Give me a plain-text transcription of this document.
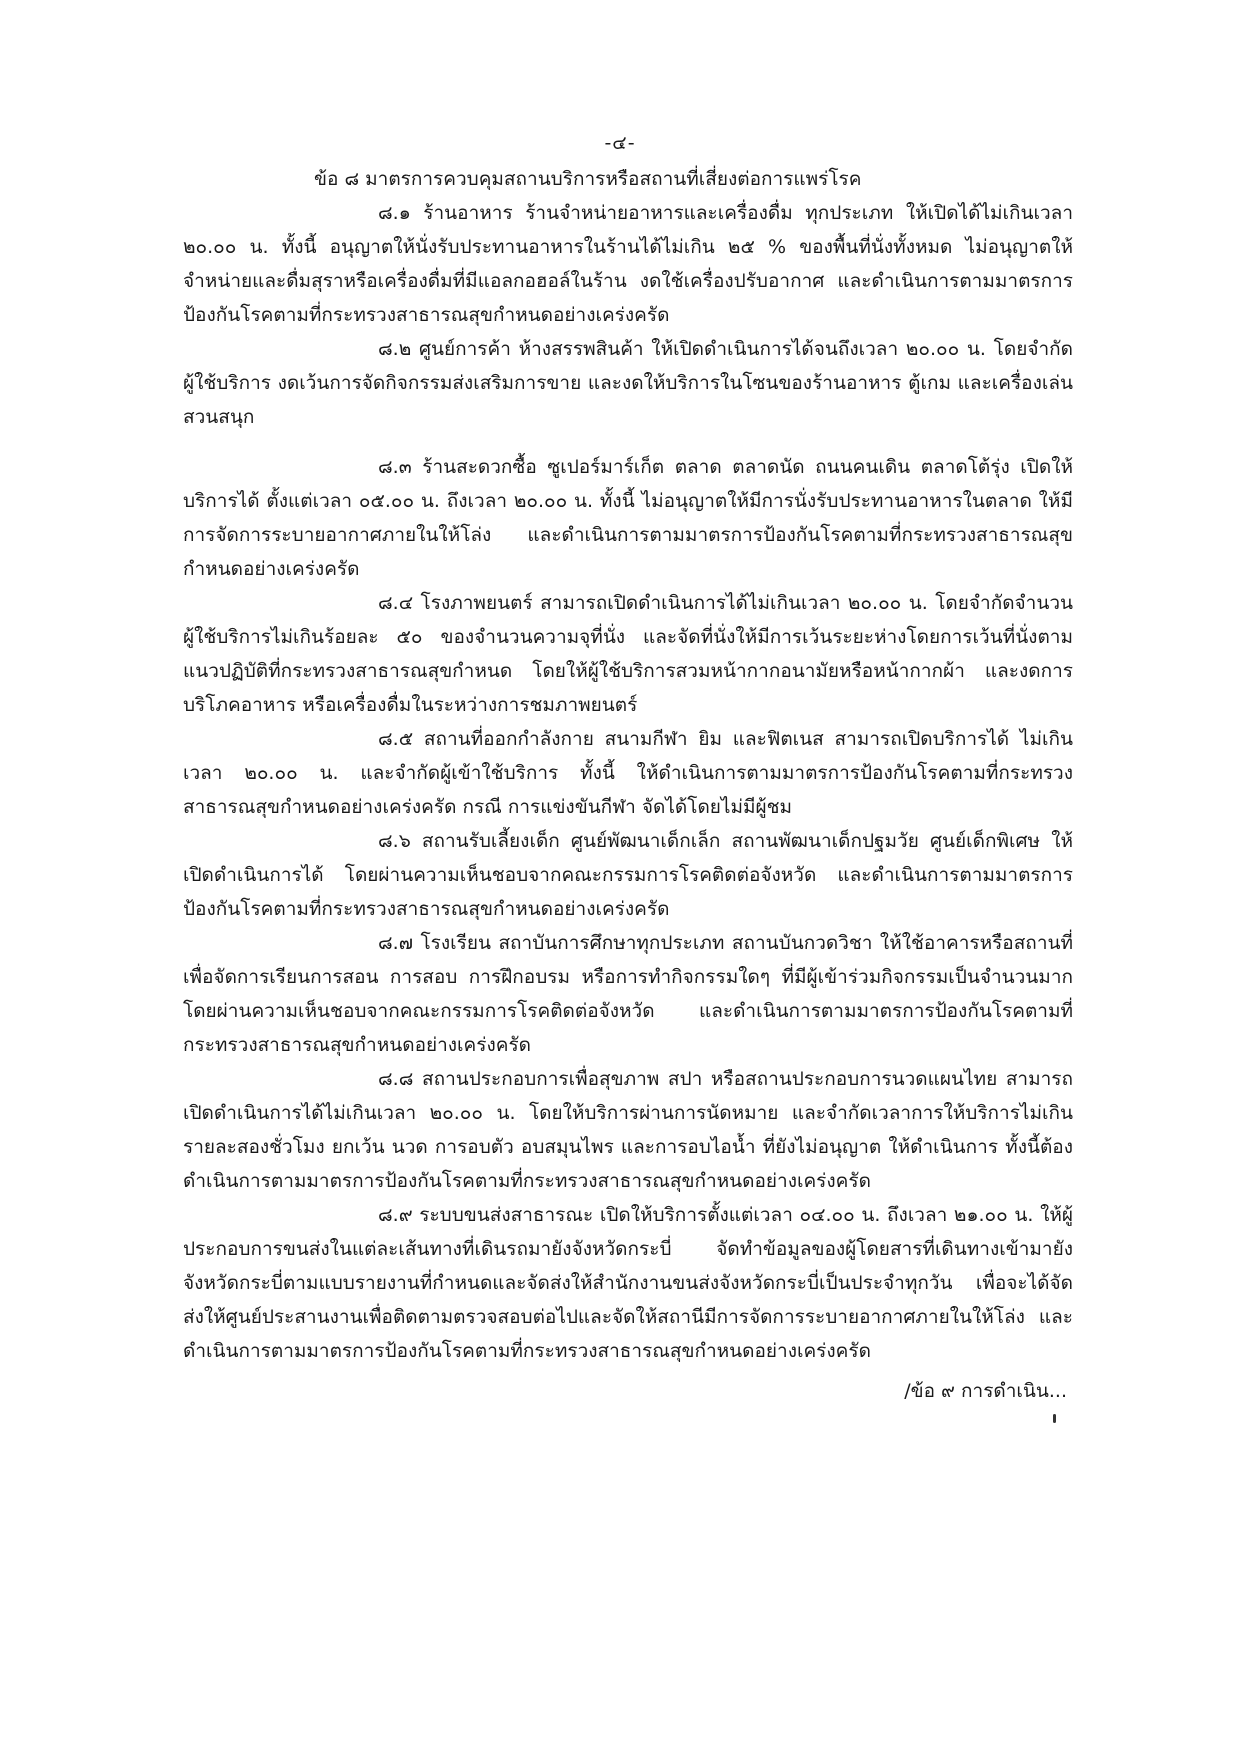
-๔-

ข้อ ๘ มาตรการควบคุมสถานบริการหรือสถานที่เสี่ยงต่อการแพร่โรค

๘.๑ ร้านอาหาร ร้านจำหน่ายอาหารและเครื่องดื่ม ทุกประเภท ให้เปิดได้ไม่เกินเวลา ๒๐.๐๐ น. ทั้งนี้ อนุญาตให้นั่งรับประทานอาหารในร้านได้ไม่เกิน ๒๕ % ของพื้นที่นั่งทั้งหมด ไม่อนุญาตให้จำหน่ายและดื่มสุราหรือเครื่องดื่มที่มีแอลกอฮอล์ในร้าน งดใช้เครื่องปรับอากาศ และดำเนินการตามมาตรการป้องกันโรคตามที่กระทรวงสาธารณสุขกำหนดอย่างเคร่งครัด

๘.๒ ศูนย์การค้า ห้างสรรพสินค้า ให้เปิดดำเนินการได้จนถึงเวลา ๒๐.๐๐ น. โดยจำกัดผู้ใช้บริการ งดเว้นการจัดกิจกรรมส่งเสริมการขาย และงดให้บริการในโซนของร้านอาหาร ตู้เกม และเครื่องเล่นสวนสนุก

๘.๓ ร้านสะดวกซื้อ ซูเปอร์มาร์เก็ต ตลาด ตลาดนัด ถนนคนเดิน ตลาดโต้รุ่ง เปิดให้บริการได้ ตั้งแต่เวลา ๐๕.๐๐ น. ถึงเวลา ๒๐.๐๐ น. ทั้งนี้ ไม่อนุญาตให้มีการนั่งรับประทานอาหารในตลาด ให้มีการจัดการระบายอากาศภายในให้โล่ง และดำเนินการตามมาตรการป้องกันโรคตามที่กระทรวงสาธารณสุขกำหนดอย่างเคร่งครัด

๘.๔ โรงภาพยนตร์ สามารถเปิดดำเนินการได้ไม่เกินเวลา ๒๐.๐๐ น. โดยจำกัดจำนวนผู้ใช้บริการไม่เกินร้อยละ ๕๐ ของจำนวนความจุที่นั่ง และจัดที่นั่งให้มีการเว้นระยะห่างโดยการเว้นที่นั่งตามแนวปฏิบัติที่กระทรวงสาธารณสุขกำหนด โดยให้ผู้ใช้บริการสวมหน้ากากอนามัยหรือหน้ากากผ้า และงดการบริโภคอาหาร หรือเครื่องดื่มในระหว่างการชมภาพยนตร์

๘.๕ สถานที่ออกกำลังกาย สนามกีฬา ยิม และฟิตเนส สามารถเปิดบริการได้ ไม่เกินเวลา ๒๐.๐๐ น. และจำกัดผู้เข้าใช้บริการ ทั้งนี้ ให้ดำเนินการตามมาตรการป้องกันโรคตามที่กระทรวงสาธารณสุขกำหนดอย่างเคร่งครัด กรณี การแข่งขันกีฬา จัดได้โดยไม่มีผู้ชม

๘.๖ สถานรับเลี้ยงเด็ก ศูนย์พัฒนาเด็กเล็ก สถานพัฒนาเด็กปฐมวัย ศูนย์เด็กพิเศษ ให้เปิดดำเนินการได้ โดยผ่านความเห็นชอบจากคณะกรรมการโรคติดต่อจังหวัด และดำเนินการตามมาตรการป้องกันโรคตามที่กระทรวงสาธารณสุขกำหนดอย่างเคร่งครัด

๘.๗ โรงเรียน สถาบันการศึกษาทุกประเภท สถานบันกวดวิชา ให้ใช้อาคารหรือสถานที่ เพื่อจัดการเรียนการสอน การสอบ การฝึกอบรม หรือการทำกิจกรรมใดๆ ที่มีผู้เข้าร่วมกิจกรรมเป็นจำนวนมาก โดยผ่านความเห็นชอบจากคณะกรรมการโรคติดต่อจังหวัด และดำเนินการตามมาตรการป้องกันโรคตามที่กระทรวงสาธารณสุขกำหนดอย่างเคร่งครัด

๘.๘ สถานประกอบการเพื่อสุขภาพ สปา หรือสถานประกอบการนวดแผนไทย สามารถเปิดดำเนินการได้ไม่เกินเวลา ๒๐.๐๐ น. โดยให้บริการผ่านการนัดหมาย และจำกัดเวลาการให้บริการไม่เกินรายละสองชั่วโมง ยกเว้น นวด การอบตัว อบสมุนไพร และการอบไอน้ำ ที่ยังไม่อนุญาต ให้ดำเนินการ ทั้งนี้ต้องดำเนินการตามมาตรการป้องกันโรคตามที่กระทรวงสาธารณสุขกำหนดอย่างเคร่งครัด

๘.๙ ระบบขนส่งสาธารณะ เปิดให้บริการตั้งแต่เวลา ๐๔.๐๐ น. ถึงเวลา ๒๑.๐๐ น. ให้ผู้ประกอบการขนส่งในแต่ละเส้นทางที่เดินรถมายังจังหวัดกระบี่ จัดทำข้อมูลของผู้โดยสารที่เดินทางเข้ามายังจังหวัดกระบี่ตามแบบรายงานที่กำหนดและจัดส่งให้สำนักงานขนส่งจังหวัดกระบี่เป็นประจำทุกวัน เพื่อจะได้จัดส่งให้ศูนย์ประสานงานเพื่อติดตามตรวจสอบต่อไปและจัดให้สถานีมีการจัดการระบายอากาศภายในให้โล่ง และดำเนินการตามมาตรการป้องกันโรคตามที่กระทรวงสาธารณสุขกำหนดอย่างเคร่งครัด

/ข้อ ๙ การดำเนิน...
